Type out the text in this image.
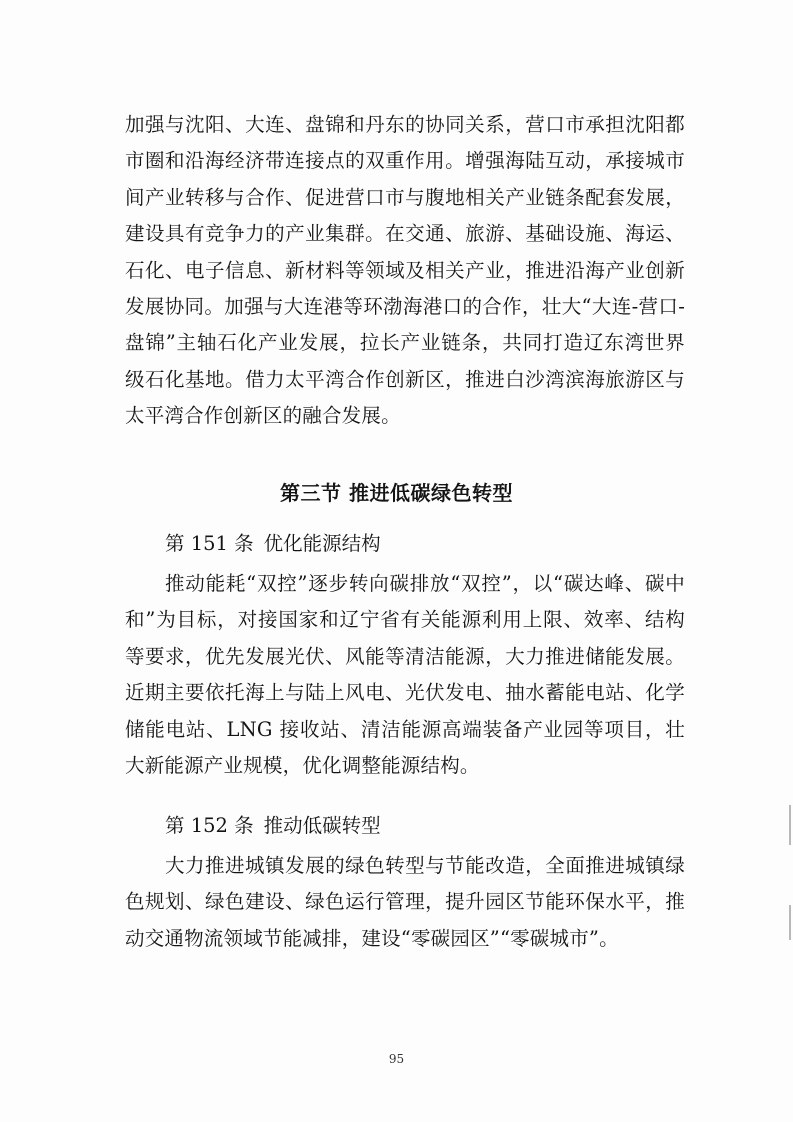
加强与沈阳、大连、盘锦和丹东的协同关系，营口市承担沈阳都市圈和沿海经济带连接点的双重作用。增强海陆互动，承接城市间产业转移与合作、促进营口市与腹地相关产业链条配套发展，建设具有竞争力的产业集群。在交通、旅游、基础设施、海运、石化、电子信息、新材料等领域及相关产业，推进沿海产业创新发展协同。加强与大连港等环渤海港口的合作，壮大“大连-营口-盘锦”主轴石化产业发展，拉长产业链条，共同打造辽东湾世界级石化基地。借力太平湾合作创新区，推进白沙湾滨海旅游区与太平湾合作创新区的融合发展。

第三节 推进低碳绿色转型
第 151 条 优化能源结构

推动能耗“双控”逐步转向碳排放“双控”，以“碳达峰、碳中和”为目标，对接国家和辽宁省有关能源利用上限、效率、结构等要求，优先发展光伏、风能等清洁能源，大力推进储能发展。近期主要依托海上与陆上风电、光伏发电、抽水蓄能电站、化学储能电站、LNG 接收站、清洁能源高端装备产业园等项目，壮大新能源产业规模，优化调整能源结构。

第 152 条 推动低碳转型

大力推进城镇发展的绿色转型与节能改造，全面推进城镇绿色规划、绿色建设、绿色运行管理，提升园区节能环保水平，推动交通物流领域节能减排，建设“零碳园区”“零碳城市”。

95
